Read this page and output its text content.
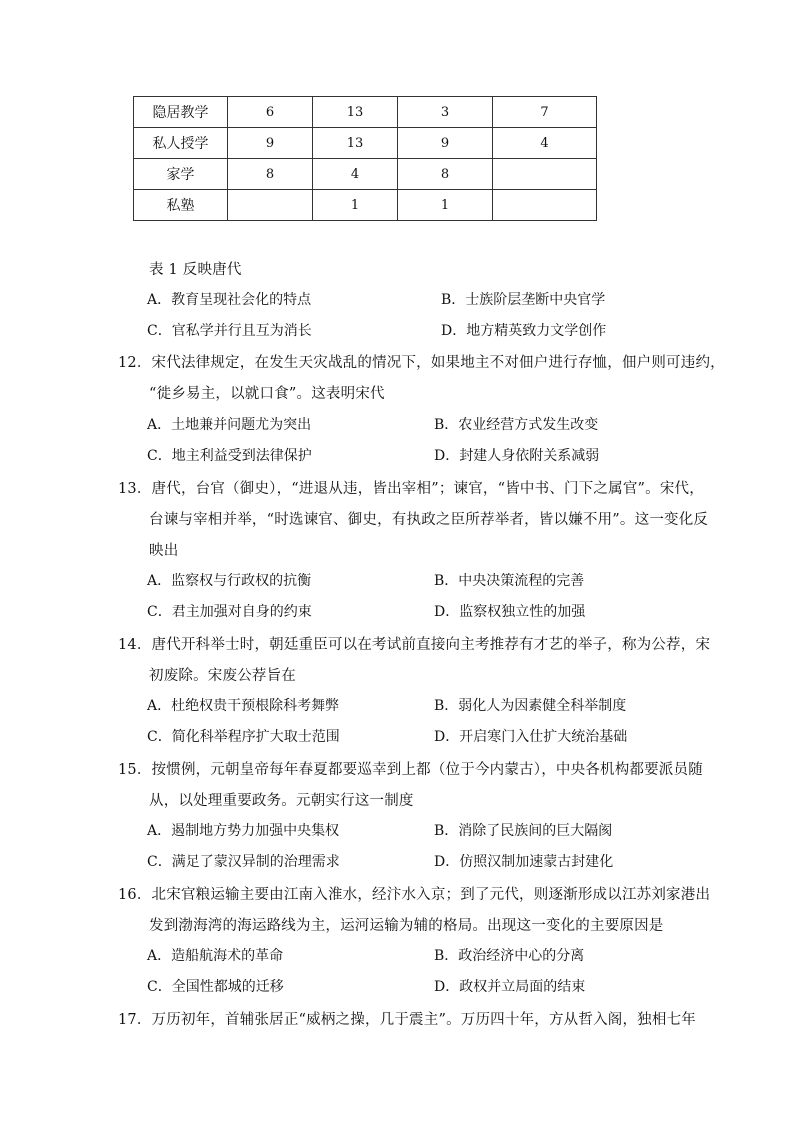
隐居教学	6	13	3	7
私人授学	9	13	9	4
家学	8	4	8	
私塾		1	1	
表 1 反映唐代
A．教育呈现社会化的特点	B．士族阶层垄断中央官学
C．官私学并行且互为消长	D．地方精英致力文学创作
12．宋代法律规定，在发生天灾战乱的情况下，如果地主不对佃户进行存恤，佃户则可违约，
“徙乡易主，以就口食”。这表明宋代
A．土地兼并问题尤为突出	B．农业经营方式发生改变
C．地主利益受到法律保护	D．封建人身依附关系减弱
13．唐代，台官（御史），“进退从违，皆出宰相”；谏官，“皆中书、门下之属官”。宋代，
台谏与宰相并举，“时选谏官、御史，有执政之臣所荐举者，皆以嫌不用”。这一变化反
映出
A．监察权与行政权的抗衡	B．中央决策流程的完善
C．君主加强对自身的约束	D．监察权独立性的加强
14．唐代开科举士时，朝廷重臣可以在考试前直接向主考推荐有才艺的举子，称为公荐，宋
初废除。宋废公荐旨在
A．杜绝权贵干预根除科考舞弊	B．弱化人为因素健全科举制度
C．简化科举程序扩大取士范围	D．开启寒门入仕扩大统治基础
15．按惯例，元朝皇帝每年春夏都要巡幸到上都（位于今内蒙古），中央各机构都要派员随
从，以处理重要政务。元朝实行这一制度
A．遏制地方势力加强中央集权	B．消除了民族间的巨大隔阂
C．满足了蒙汉异制的治理需求	D．仿照汉制加速蒙古封建化
16．北宋官粮运输主要由江南入淮水，经汴水入京；到了元代，则逐渐形成以江苏刘家港出
发到渤海湾的海运路线为主，运河运输为辅的格局。出现这一变化的主要原因是
A．造船航海术的革命	B．政治经济中心的分离
C．全国性都城的迁移	D．政权并立局面的结束
17．万历初年，首辅张居正“威柄之操，几于震主”。万历四十年，方从哲入阁，独相七年
